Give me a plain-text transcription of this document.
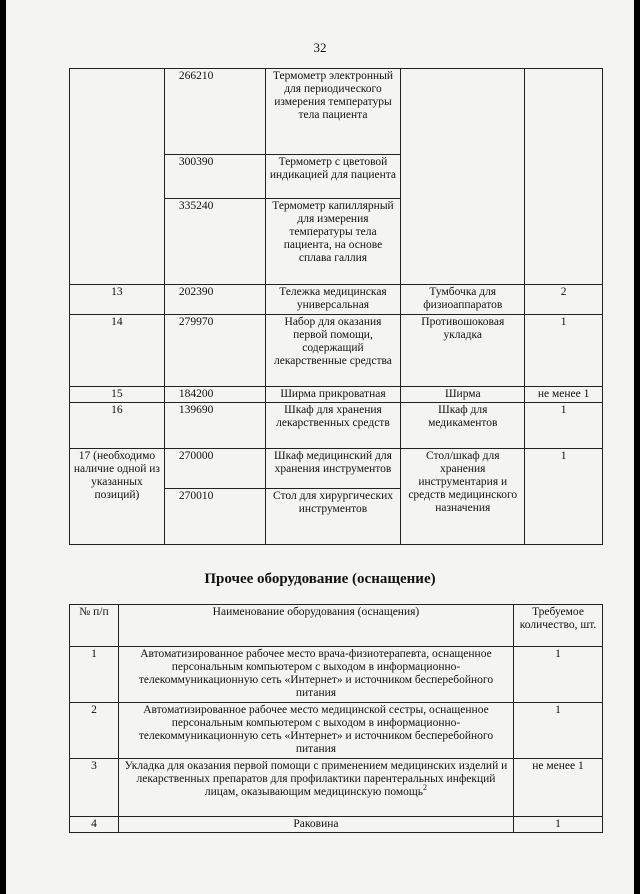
32
	266210	Термометр электронный для периодического измерения температуры тела пациента		
	300390	Термометр с цветовой индикацией для пациента		
	335240	Термометр капиллярный для измерения температуры тела пациента, на основе сплава галлия		
13	202390	Тележка медицинская универсальная	Тумбочка для физиоаппаратов	2
14	279970	Набор для оказания первой помощи, содержащий лекарственные средства	Противошоковая укладка	1
15	184200	Ширма прикроватная	Ширма	не менее 1
16	139690	Шкаф для хранения лекарственных средств	Шкаф для медикаментов	1
17 (необходимо наличие одной из указанных позиций)	270000	Шкаф медицинский для хранения инструментов	Стол/шкаф для хранения инструментария и средств медицинского назначения	1
	270010	Стол для хирургических инструментов		
Прочее оборудование (оснащение)
№ п/п	Наименование оборудования (оснащения)	Требуемое количество, шт.
1	Автоматизированное рабочее место врача-физиотерапевта, оснащенное персональным компьютером с выходом в информационно-телекоммуникационную сеть «Интернет» и источником бесперебойного питания	1
2	Автоматизированное рабочее место медицинской сестры, оснащенное персональным компьютером с выходом в информационно-телекоммуникационную сеть «Интернет» и источником бесперебойного питания	1
3	Укладка для оказания первой помощи с применением медицинских изделий и лекарственных препаратов для профилактики парентеральных инфекций лицам, оказывающим медицинскую помощь$^2$	не менее 1
4	Раковина	1
